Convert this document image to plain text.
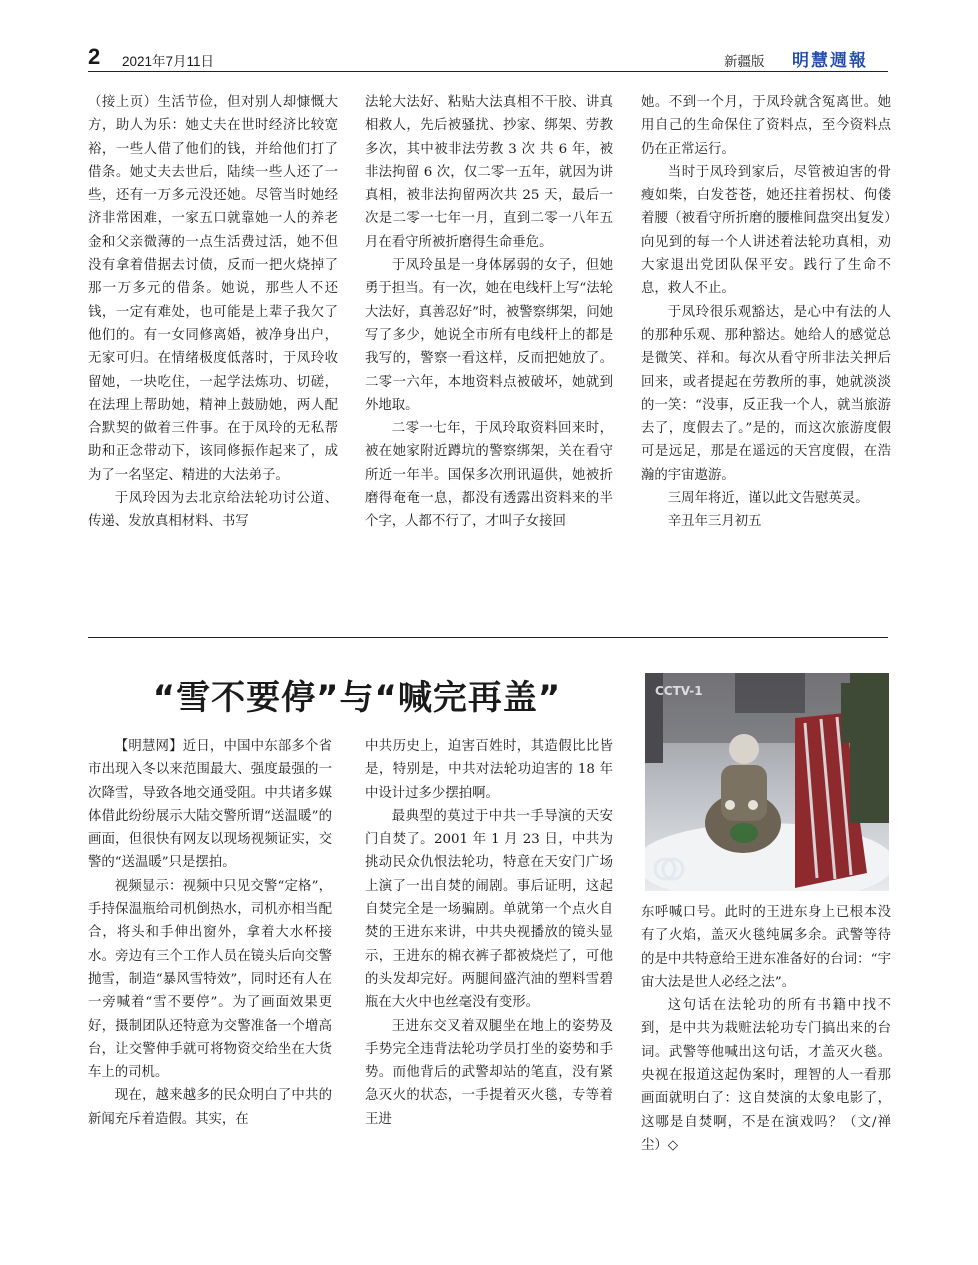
2 2021年7月11日	新疆版 明慧週報

（接上页）生活节俭，但对别人却慷慨大方，助人为乐：她丈夫在世时经济比较宽裕，一些人借了他们的钱，并给他们打了借条。她丈夫去世后，陆续一些人还了一些，还有一万多元没还她。尽管当时她经济非常困难，一家五口就靠她一人的养老金和父亲微薄的一点生活费过活，她不但没有拿着借据去讨债，反而一把火烧掉了那一万多元的借条。她说，那些人不还钱，一定有难处，也可能是上辈子我欠了他们的。有一女同修离婚，被净身出户，无家可归。在情绪极度低落时，于凤玲收留她，一块吃住，一起学法炼功、切磋，在法理上帮助她，精神上鼓励她，两人配合默契的做着三件事。在于凤玲的无私帮助和正念带动下，该同修振作起来了，成为了一名坚定、精进的大法弟子。

于凤玲因为去北京给法轮功讨公道、传递、发放真相材料、书写

法轮大法好、粘贴大法真相不干胶、讲真相救人，先后被骚扰、抄家、绑架、劳教多次，其中被非法劳教 3 次 共 6 年，被非法拘留 6 次，仅二零一五年，就因为讲真相，被非法拘留两次共 25 天，最后一次是二零一七年一月，直到二零一八年五月在看守所被折磨得生命垂危。

于凤玲虽是一身体孱弱的女子，但她勇于担当。有一次，她在电线杆上写“法轮大法好，真善忍好”时，被警察绑架，问她写了多少，她说全市所有电线杆上的都是我写的，警察一看这样，反而把她放了。二零一六年，本地资料点被破坏，她就到外地取。

二零一七年，于凤玲取资料回来时，被在她家附近蹲坑的警察绑架，关在看守所近一年半。国保多次刑讯逼供，她被折磨得奄奄一息，都没有透露出资料来的半个字，人都不行了，才叫子女接回

她。不到一个月，于凤玲就含冤离世。她用自己的生命保住了资料点，至今资料点仍在正常运行。

当时于凤玲到家后，尽管被迫害的骨瘦如柴，白发苍苍，她还拄着拐杖、佝偻着腰（被看守所折磨的腰椎间盘突出复发）向见到的每一个人讲述着法轮功真相，劝大家退出党团队保平安。践行了生命不息，救人不止。

于凤玲很乐观豁达，是心中有法的人的那种乐观、那种豁达。她给人的感觉总是微笑、祥和。每次从看守所非法关押后回来，或者提起在劳教所的事，她就淡淡的一笑：“没事，反正我一个人，就当旅游去了，度假去了。”是的，而这次旅游度假可是远足，那是在遥远的天宫度假，在浩瀚的宇宙遨游。

三周年将近，谨以此文告慰英灵。

辛丑年三月初五

“雪不要停”与“喊完再盖”	CCTV-1

【明慧网】近日，中国中东部多个省市出现入冬以来范围最大、强度最强的一次降雪，导致各地交通受阻。中共诸多媒体借此纷纷展示大陆交警所谓“送温暖”的画面，但很快有网友以现场视频证实，交警的“送温暖”只是摆拍。

视频显示：视频中只见交警“定格”，手持保温瓶给司机倒热水，司机亦相当配合，将头和手伸出窗外，拿着大水杯接水。旁边有三个工作人员在镜头后向交警抛雪，制造“暴风雪特效”，同时还有人在一旁喊着“雪不要停”。为了画面效果更好，摄制团队还特意为交警准备一个增高台，让交警伸手就可将物资交给坐在大货车上的司机。

现在，越来越多的民众明白了中共的新闻充斥着造假。其实，在

中共历史上，迫害百姓时，其造假比比皆是，特别是，中共对法轮功迫害的 18 年中设计过多少摆拍啊。

最典型的莫过于中共一手导演的天安门自焚了。2001 年 1 月 23 日，中共为挑动民众仇恨法轮功，特意在天安门广场上演了一出自焚的闹剧。事后证明，这起自焚完全是一场骗剧。单就第一个点火自焚的王进东来讲，中共央视播放的镜头显示，王进东的棉衣裤子都被烧烂了，可他的头发却完好。两腿间盛汽油的塑料雪碧瓶在大火中也丝毫没有变形。

王进东交叉着双腿坐在地上的姿势及手势完全违背法轮功学员打坐的姿势和手势。而他背后的武警却站的笔直，没有紧急灭火的状态，一手提着灭火毯，专等着王进

东呼喊口号。此时的王进东身上已根本没有了火焰，盖灭火毯纯属多余。武警等待的是中共特意给王进东准备好的台词：“宇宙大法是世人必经之法”。

这句话在法轮功的所有书籍中找不到，是中共为栽赃法轮功专门搞出来的台词。武警等他喊出这句话，才盖灭火毯。央视在报道这起伪案时，理智的人一看那画面就明白了：这自焚演的太象电影了，这哪是自焚啊，不是在演戏吗？（文/禅尘）◇
